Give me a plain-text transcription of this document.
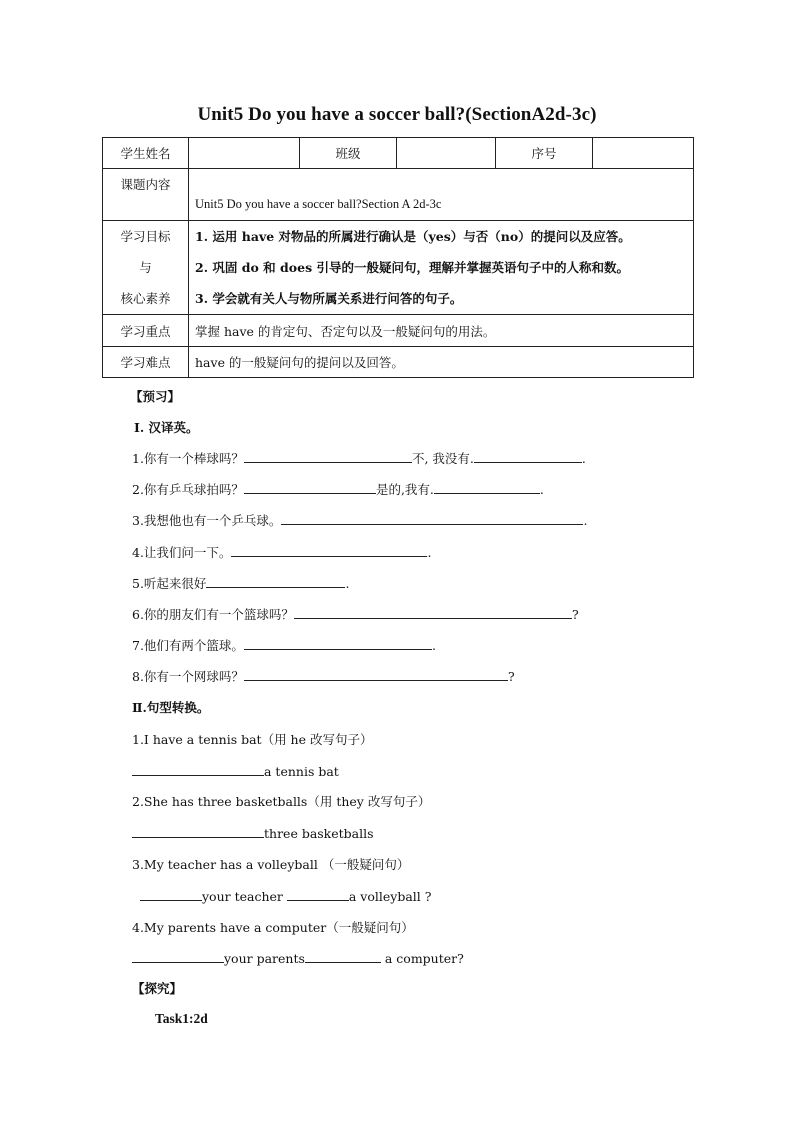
Unit5 Do you have a soccer ball?(SectionA2d-3c)
学生姓名		班级		序号	
课题内容	Unit5 Do you have a soccer ball?Section A 2d-3c				

学习目标
与
核心素养	1. 运用 have 对物品的所属进行确认是（yes）与否（no）的提问以及应答。
2. 巩固 do 和 does 引导的一般疑问句，理解并掌握英语句子中的人称和数。
3. 学会就有关人与物所属关系进行问答的句子。				

学习重点	掌握 have 的肯定句、否定句以及一般疑问句的用法。				
学习难点	have 的一般疑问句的提问以及回答。				
【预习】
Ⅰ. 汉译英。
1.你有一个棒球吗？	不, 我没有.	.
2.你有乒乓球拍吗？	是的,我有.	.
3.我想他也有一个乒乓球。	.
4.让我们问一下。	.
5.听起来很好	.
6.你的朋友们有一个篮球吗？	?
7.他们有两个篮球。	.
8.你有一个网球吗？	?
Ⅱ.句型转换。
1.I have a tennis bat（用 he 改写句子）
a tennis bat
2.She has three basketballs（用 they 改写句子）
three basketballs
3.My teacher has a volleyball （一般疑问句）
your teacher	a volleyball ?
4.My parents have a computer（一般疑问句）
your parents	a computer?
【探究】
Task1:2d
